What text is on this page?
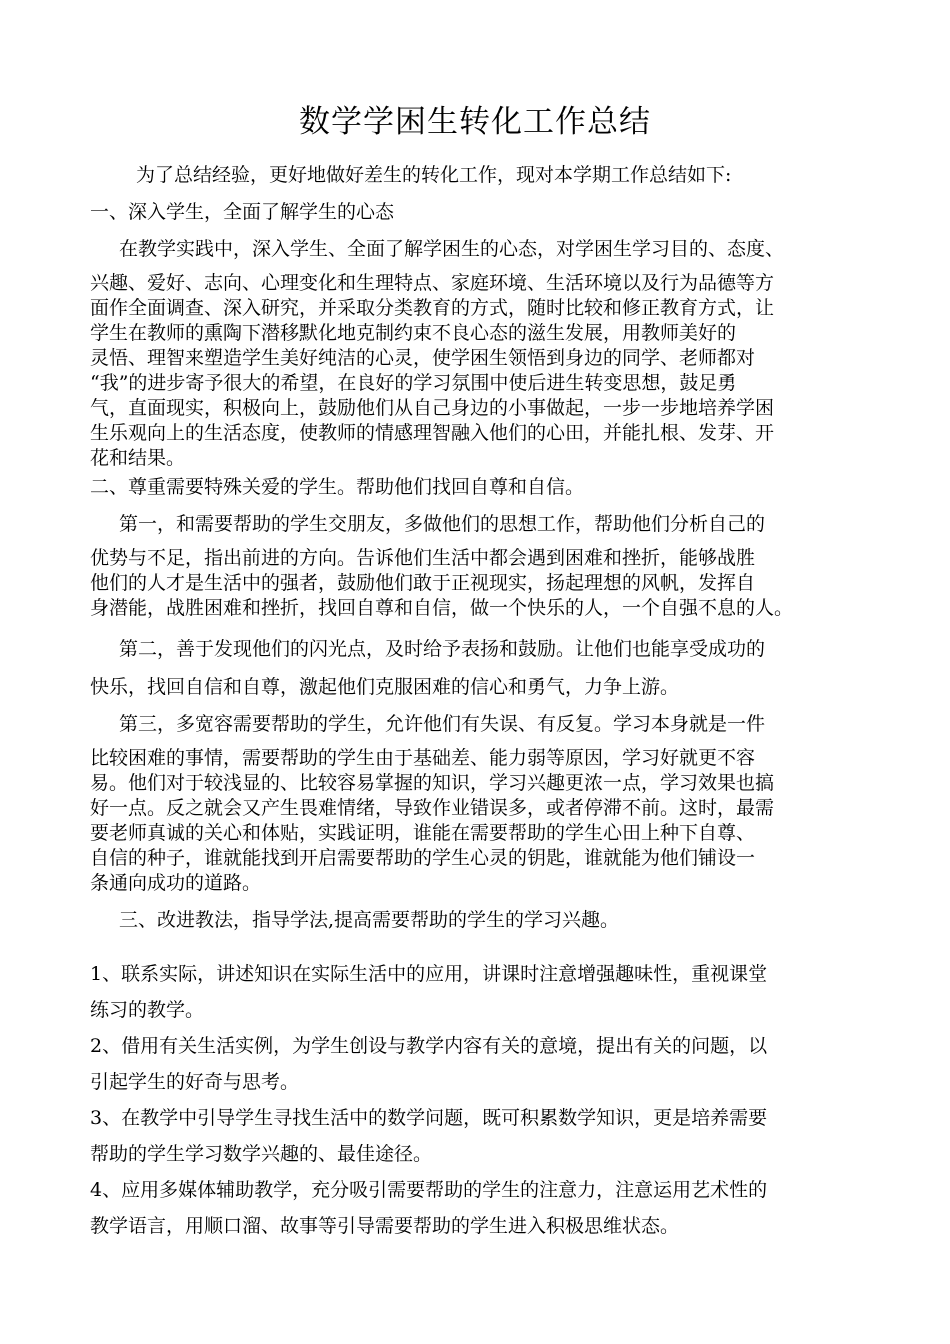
数学学困生转化工作总结

为了总结经验，更好地做好差生的转化工作，现对本学期工作总结如下:

一、深入学生，全面了解学生的心态

在教学实践中，深入学生、全面了解学困生的心态，对学困生学习目的、态度、

兴趣、爱好、志向、心理变化和生理特点、家庭环境、生活环境以及行为品德等方
面作全面调查、深入研究，并采取分类教育的方式，随时比较和修正教育方式，让
学生在教师的熏陶下潜移默化地克制约束不良心态的滋生发展，用教师美好的
灵悟、理智来塑造学生美好纯洁的心灵，使学困生领悟到身边的同学、老师都对
“我”的进步寄予很大的希望，在良好的学习氛围中使后进生转变思想，鼓足勇
气，直面现实，积极向上，鼓励他们从自己身边的小事做起，一步一步地培养学困
生乐观向上的生活态度，使教师的情感理智融入他们的心田，并能扎根、发芽、开
花和结果。

二、尊重需要特殊关爱的学生。帮助他们找回自尊和自信。

第一，和需要帮助的学生交朋友，多做他们的思想工作，帮助他们分析自己的

优势与不足，指出前进的方向。告诉他们生活中都会遇到困难和挫折，能够战胜
他们的人才是生活中的强者，鼓励他们敢于正视现实，扬起理想的风帆，发挥自
身潜能，战胜困难和挫折，找回自尊和自信，做一个快乐的人，一个自强不息的人。

第二，善于发现他们的闪光点，及时给予表扬和鼓励。让他们也能享受成功的

快乐，找回自信和自尊，激起他们克服困难的信心和勇气，力争上游。

第三，多宽容需要帮助的学生，允许他们有失误、有反复。学习本身就是一件

比较困难的事情，需要帮助的学生由于基础差、能力弱等原因，学习好就更不容
易。他们对于较浅显的、比较容易掌握的知识，学习兴趣更浓一点，学习效果也搞
好一点。反之就会又产生畏难情绪，导致作业错误多，或者停滞不前。这时，最需
要老师真诚的关心和体贴，实践证明，谁能在需要帮助的学生心田上种下自尊、
自信的种子，谁就能找到开启需要帮助的学生心灵的钥匙，谁就能为他们铺设一
条通向成功的道路。

三、改进教法，指导学法,提高需要帮助的学生的学习兴趣。

1、联系实际，讲述知识在实际生活中的应用，讲课时注意增强趣味性，重视课堂
练习的教学。
2、借用有关生活实例，为学生创设与教学内容有关的意境，提出有关的问题，以
引起学生的好奇与思考。
3、在教学中引导学生寻找生活中的数学问题，既可积累数学知识，更是培养需要
帮助的学生学习数学兴趣的、最佳途径。
4、应用多媒体辅助教学，充分吸引需要帮助的学生的注意力，注意运用艺术性的
教学语言，用顺口溜、故事等引导需要帮助的学生进入积极思维状态。
